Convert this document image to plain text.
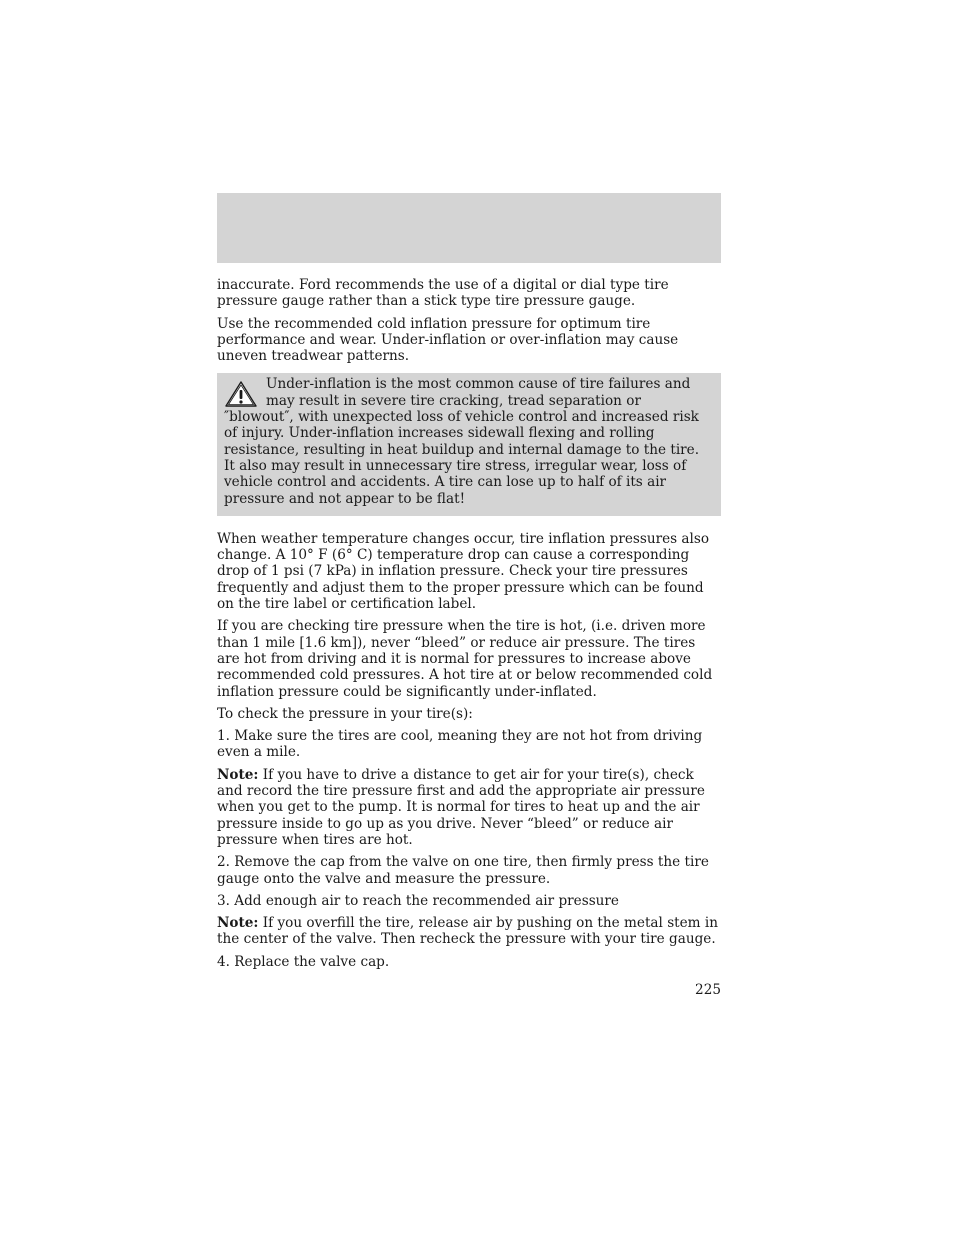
inaccurate. Ford recommends the use of a digital or dial type tire pressure gauge rather than a stick type tire pressure gauge.

Use the recommended cold inflation pressure for optimum tire performance and wear. Under-inflation or over-inflation may cause uneven treadwear patterns.

Under-inflation is the most common cause of tire failures and may result in severe tire cracking, tread separation or ″blowout″, with unexpected loss of vehicle control and increased risk of injury. Under-inflation increases sidewall flexing and rolling resistance, resulting in heat buildup and internal damage to the tire. It also may result in unnecessary tire stress, irregular wear, loss of vehicle control and accidents. A tire can lose up to half of its air pressure and not appear to be flat!

When weather temperature changes occur, tire inflation pressures also change. A 10° F (6° C) temperature drop can cause a corresponding drop of 1 psi (7 kPa) in inflation pressure. Check your tire pressures frequently and adjust them to the proper pressure which can be found on the tire label or certification label.

If you are checking tire pressure when the tire is hot, (i.e. driven more than 1 mile [1.6 km]), never “bleed” or reduce air pressure. The tires are hot from driving and it is normal for pressures to increase above recommended cold pressures. A hot tire at or below recommended cold inflation pressure could be significantly under-inflated.

To check the pressure in your tire(s):

1. Make sure the tires are cool, meaning they are not hot from driving even a mile.

Note: If you have to drive a distance to get air for your tire(s), check and record the tire pressure first and add the appropriate air pressure when you get to the pump. It is normal for tires to heat up and the air pressure inside to go up as you drive. Never “bleed” or reduce air pressure when tires are hot.

2. Remove the cap from the valve on one tire, then firmly press the tire gauge onto the valve and measure the pressure.

3. Add enough air to reach the recommended air pressure

Note: If you overfill the tire, release air by pushing on the metal stem in the center of the valve. Then recheck the pressure with your tire gauge.

4. Replace the valve cap.

225
